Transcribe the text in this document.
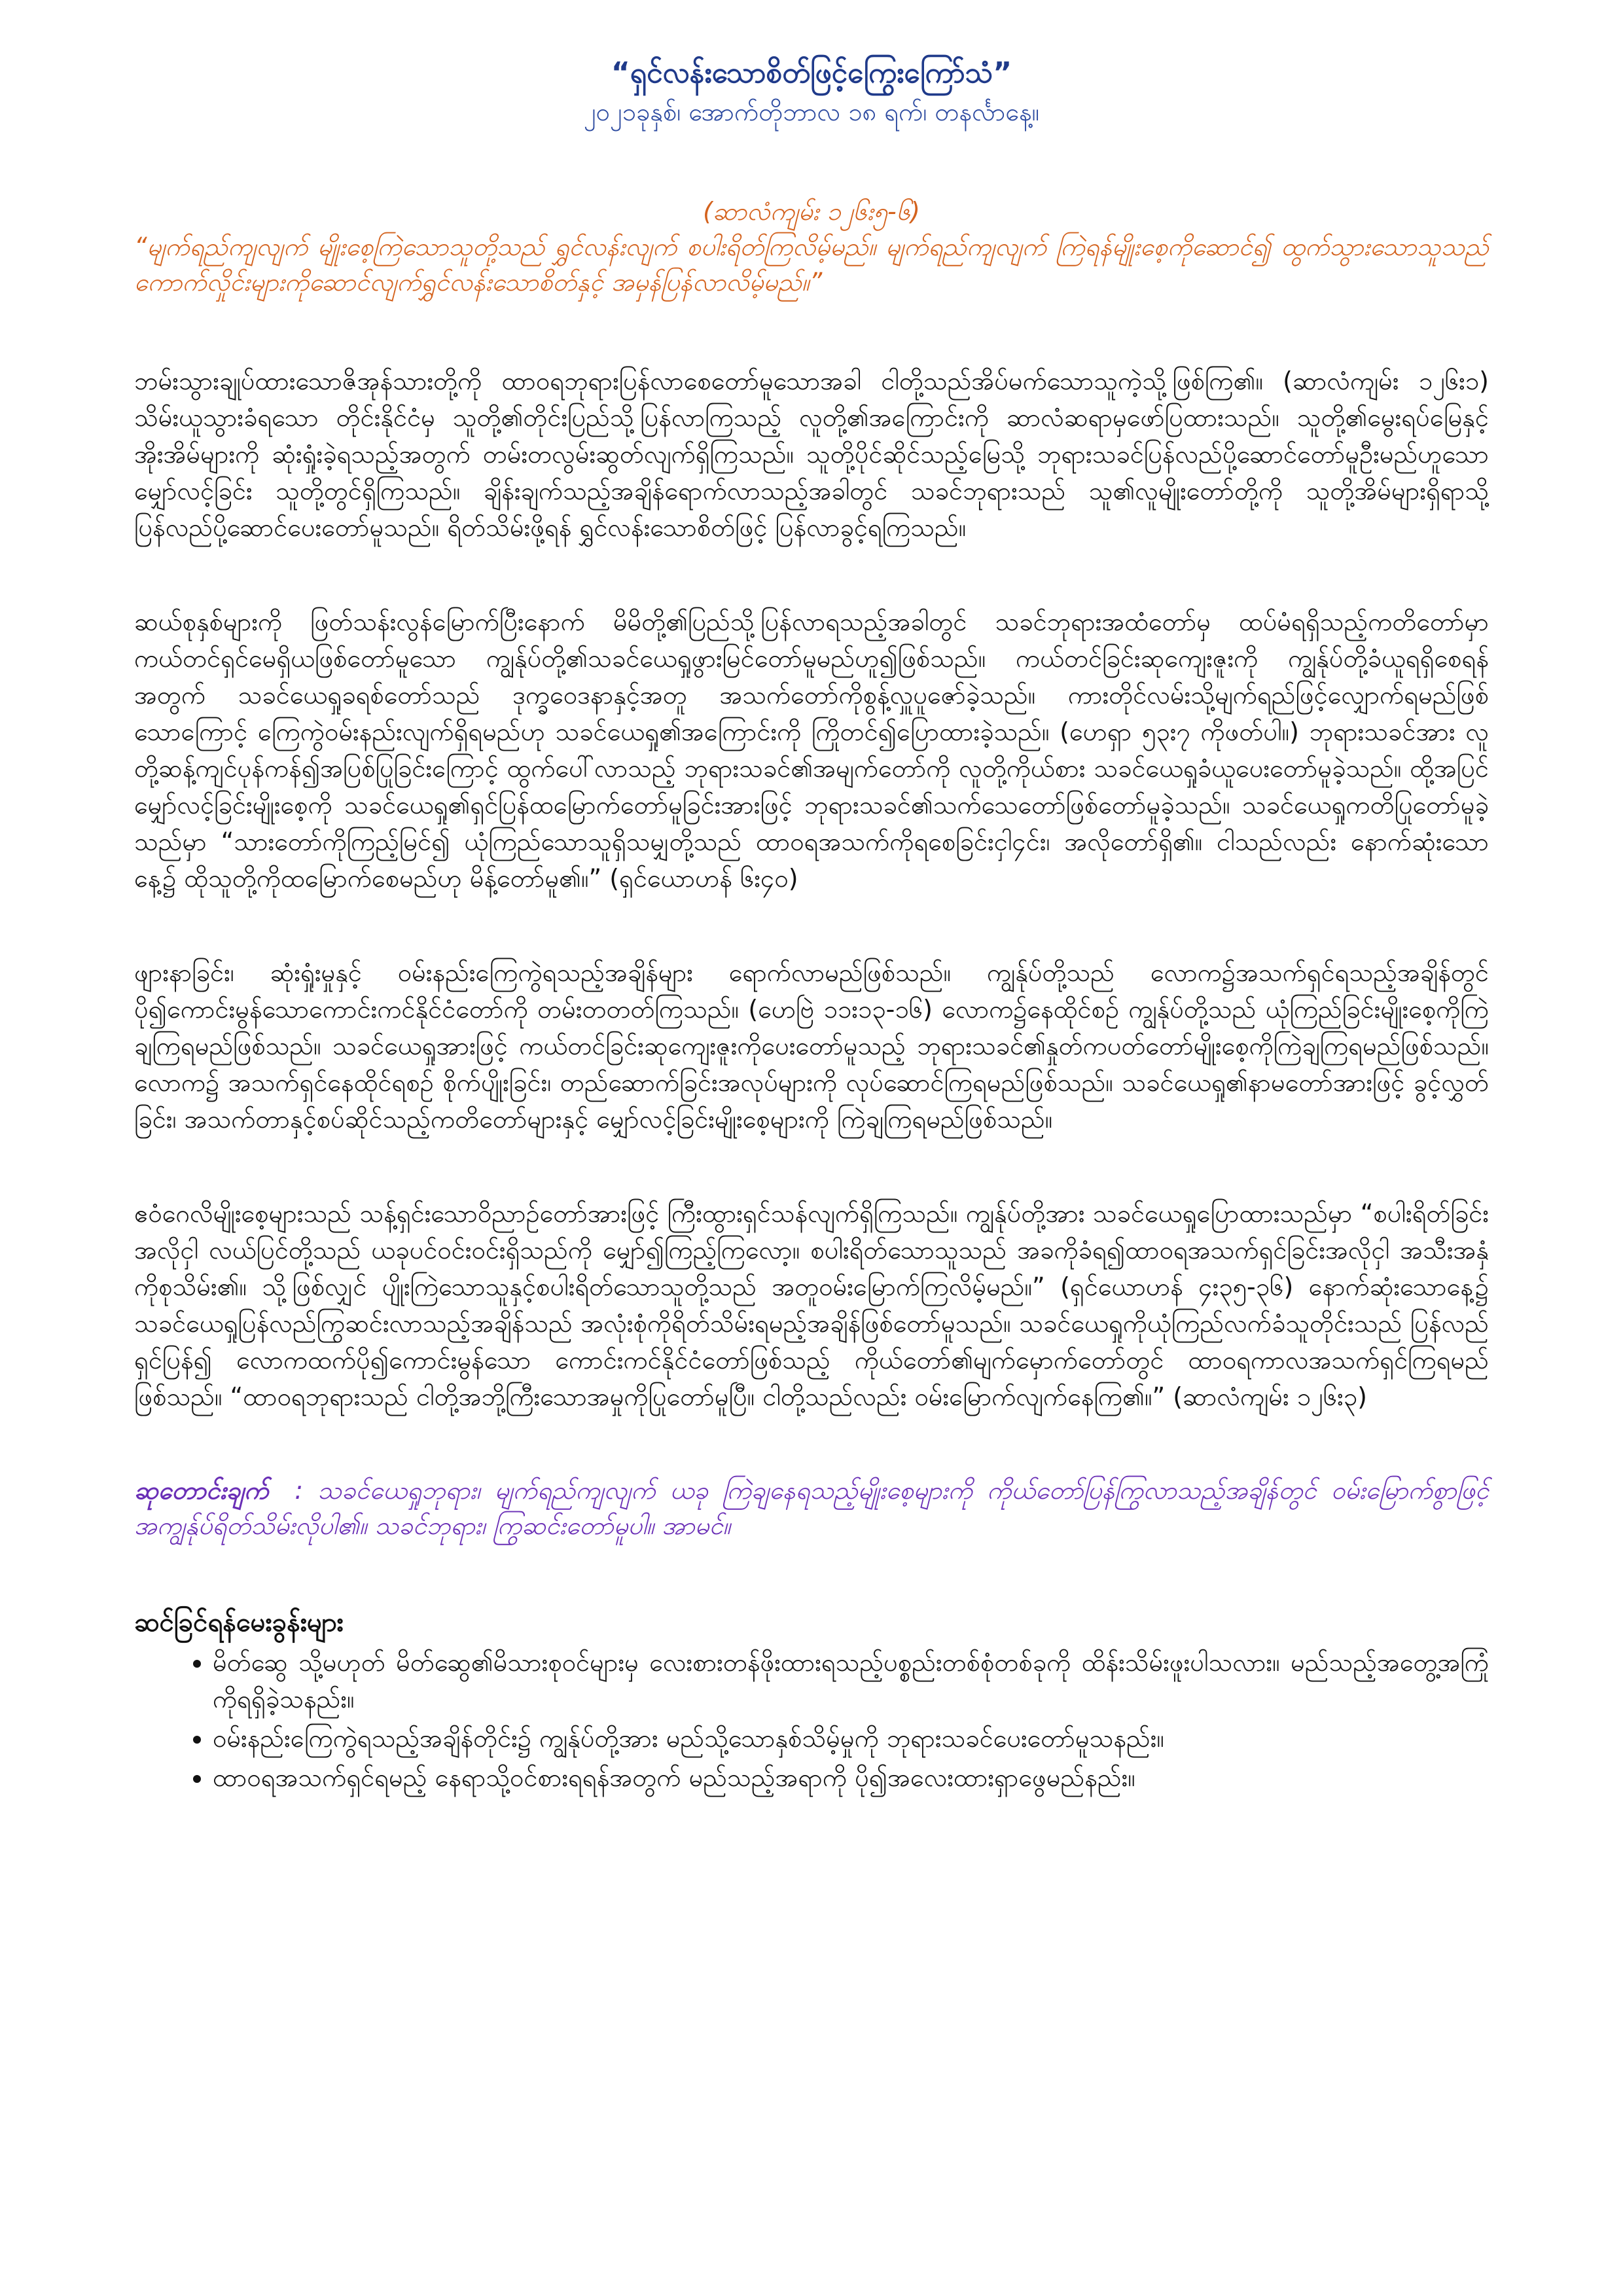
“ရှင်လန်းသောစိတ်ဖြင့်ကြွေးကြော်သံ”

၂၀၂၁ခုနှစ်၊ အောက်တိုဘာလ ၁၈ ရက်၊ တနင်္လာနေ့။

(ဆာလံကျမ်း ၁၂၆း၅-၆)

“မျက်ရည်ကျလျက် မျိုးစေ့ကြဲသောသူတို့သည် ရွှင်လန်းလျက် စပါးရိတ်ကြလိမ့်မည်။ မျက်ရည်ကျလျက် ကြဲရန်မျိုးစေ့ကိုဆောင်၍ ထွက်သွားသောသူသည် ကောက်လှိုင်းများကိုဆောင်လျက်ရွှင်လန်းသောစိတ်နှင့် အမှန်ပြန်လာလိမ့်မည်။”

ဘမ်းသွားချုပ်ထားသောဇိအုန်သားတို့ကို ထာဝရဘုရားပြန်လာစေတော်မူသောအခါ ငါတို့သည်အိပ်မက်သောသူကဲ့သို့ဖြစ်ကြ၏။ (ဆာလံကျမ်း ၁၂၆း၁) သိမ်းယူသွားခံရသော တိုင်းနိုင်ငံမှ သူတို့၏တိုင်းပြည်သို့ပြန်လာကြသည့် လူတို့၏အကြောင်းကို ဆာလံဆရာမှဖော်ပြထားသည်။ သူတို့၏မွေးရပ်မြေနှင့်အိုးအိမ်များကို ဆုံးရှုံးခဲ့ရသည့်အတွက် တမ်းတလွမ်းဆွတ်လျက်ရှိကြသည်။ သူတို့ပိုင်ဆိုင်သည့်မြေသို့ ဘုရားသခင်ပြန်လည်ပို့ဆောင်တော်မူဦးမည်ဟူသော မျှော်လင့်ခြင်း သူတို့တွင်ရှိကြသည်။ ချိန်းချက်သည့်အချိန်ရောက်လာသည့်အခါတွင် သခင်ဘုရားသည် သူ၏လူမျိုးတော်တို့ကို သူတို့အိမ်များရှိရာသို့ပြန်လည်ပို့ဆောင်ပေးတော်မူသည်။ ရိတ်သိမ်းဖို့ရန် ရွှင်လန်းသောစိတ်ဖြင့် ပြန်လာခွင့်ရကြသည်။

ဆယ်စုနှစ်များကို ဖြတ်သန်းလွန်မြောက်ပြီးနောက် မိမိတို့၏ပြည်သို့ပြန်လာရသည့်အခါတွင် သခင်ဘုရားအထံတော်မှ ထပ်မံရရှိသည့်ကတိတော်မှာ ကယ်တင်ရှင်မေရှိယဖြစ်တော်မူသော ကျွန်ုပ်တို့၏သခင်ယေရှုဖွားမြင်တော်မူမည်ဟူ၍ဖြစ်သည်။ ကယ်တင်ခြင်းဆုကျေးဇူးကို ကျွန်ုပ်တို့ခံယူရရှိစေရန်အတွက် သခင်ယေရှုခရစ်တော်သည် ဒုက္ခဝေဒနာနှင့်အတူ အသက်တော်ကိုစွန့်လှူပူဇော်ခဲ့သည်။ ကားတိုင်လမ်းသို့မျက်ရည်ဖြင့်လျှောက်ရမည်ဖြစ်သောကြောင့် ကြေကွဲဝမ်းနည်းလျက်ရှိရမည်ဟု သခင်ယေရှု၏အကြောင်းကို ကြိုတင်၍ပြောထားခဲ့သည်။ (ဟေရှာ ၅၃း၇ ကိုဖတ်ပါ။) ဘုရားသခင်အား လူတို့ဆန့်ကျင်ပုန်ကန်၍အပြစ်ပြုခြင်းကြောင့် ထွက်ပေါ်လာသည့် ဘုရားသခင်၏အမျက်တော်ကို လူတို့ကိုယ်စား သခင်ယေရှုခံယူပေးတော်မူခဲ့သည်။ ထို့အပြင် မျှော်လင့်ခြင်းမျိုးစေ့ကို သခင်ယေရှု၏ရှင်ပြန်ထမြောက်တော်မူခြင်းအားဖြင့် ဘုရားသခင်၏သက်သေတော်ဖြစ်တော်မူခဲ့သည်။ သခင်ယေရှုကတိပြုတော်မူခဲ့သည်မှာ “သားတော်ကိုကြည့်မြင်၍ ယုံကြည်သောသူရှိသမျှတို့သည် ထာဝရအသက်ကိုရစေခြင်းငှါ၄င်း၊ အလိုတော်ရှိ၏။ ငါသည်လည်း နောက်ဆုံးသောနေ့၌ ထိုသူတို့ကိုထမြောက်စေမည်ဟု မိန့်တော်မူ၏။” (ရှင်ယောဟန် ၆း၄၀)

ဖျားနာခြင်း၊ ဆုံးရှုံးမှုနှင့် ဝမ်းနည်းကြေကွဲရသည့်အချိန်များ ရောက်လာမည်ဖြစ်သည်။ ကျွန်ုပ်တို့သည် လောက၌အသက်ရှင်ရသည့်အချိန်တွင် ပို၍ကောင်းမွန်သောကောင်းကင်နိုင်ငံတော်ကို တမ်းတတတ်ကြသည်။ (ဟေဗြဲ ၁၁း၁၃-၁၆) လောက၌နေထိုင်စဉ် ကျွန်ုပ်တို့သည် ယုံကြည်ခြင်းမျိုးစေ့ကိုကြဲချကြရမည်ဖြစ်သည်။ သခင်ယေရှုအားဖြင့် ကယ်တင်ခြင်းဆုကျေးဇူးကိုပေးတော်မူသည့် ဘုရားသခင်၏နှုတ်ကပတ်တော်မျိုးစေ့ကိုကြဲချကြရမည်ဖြစ်သည်။ လောက၌ အသက်ရှင်နေထိုင်ရစဉ် စိုက်ပျိုးခြင်း၊ တည်ဆောက်ခြင်းအလုပ်များကို လုပ်ဆောင်ကြရမည်ဖြစ်သည်။ သခင်ယေရှု၏နာမတော်အားဖြင့် ခွင့်လွှတ်ခြင်း၊ အသက်တာနှင့်စပ်ဆိုင်သည့်ကတိတော်များနှင့် မျှော်လင့်ခြင်းမျိုးစေ့များကို ကြဲချကြရမည်ဖြစ်သည်။

ဧဝံဂေလိမျိုးစေ့များသည် သန့်ရှင်းသောဝိညာဉ်တော်အားဖြင့် ကြီးထွားရှင်သန်လျက်ရှိကြသည်။ ကျွန်ုပ်တို့အား သခင်ယေရှုပြောထားသည်မှာ “စပါးရိတ်ခြင်းအလိုငှါ လယ်ပြင်တို့သည် ယခုပင်ဝင်းဝင်းရှိသည်ကို မျှော်၍ကြည့်ကြလော့။ စပါးရိတ်သောသူသည် အခကိုခံရ၍ထာဝရအသက်ရှင်ခြင်းအလိုငှါ အသီးအနှံကိုစုသိမ်း၏။ သို့ဖြစ်လျှင် ပျိုးကြဲသောသူနှင့်စပါးရိတ်သောသူတို့သည် အတူဝမ်းမြောက်ကြလိမ့်မည်။” (ရှင်ယောဟန် ၄း၃၅-၃၆) နောက်ဆုံးသောနေ့၌ သခင်ယေရှုပြန်လည်ကြွဆင်းလာသည့်အချိန်သည် အလုံးစုံကိုရိတ်သိမ်းရမည့်အချိန်ဖြစ်တော်မူသည်။ သခင်ယေရှုကိုယုံကြည်လက်ခံသူတိုင်းသည် ပြန်လည်ရှင်ပြန်၍ လောကထက်ပို၍ကောင်းမွန်သော ကောင်းကင်နိုင်ငံတော်ဖြစ်သည့် ကိုယ်တော်၏မျက်မှောက်တော်တွင် ထာဝရကာလအသက်ရှင်ကြရမည်ဖြစ်သည်။ “ထာဝရဘုရားသည် ငါတို့အဘို့ကြီးသောအမှုကိုပြုတော်မူပြီ။ ငါတို့သည်လည်း ဝမ်းမြောက်လျက်နေကြ၏။” (ဆာလံကျမ်း ၁၂၆း၃)

ဆုတောင်းချက် : သခင်ယေရှုဘုရား၊ မျက်ရည်ကျလျက် ယခု ကြဲချနေရသည့်မျိုးစေ့များကို ကိုယ်တော်ပြန်ကြွလာသည့်အချိန်တွင် ဝမ်းမြောက်စွာဖြင့် အကျွန်ုပ်ရိတ်သိမ်းလိုပါ၏။ သခင်ဘုရား၊ ကြွဆင်းတော်မူပါ။ အာမင်။

ဆင်ခြင်ရန်မေးခွန်းများ

• မိတ်ဆွေ သို့မဟုတ် မိတ်ဆွေ၏မိသားစုဝင်များမှ လေးစားတန်ဖိုးထားရသည့်ပစ္စည်းတစ်စုံတစ်ခုကို ထိန်းသိမ်းဖူးပါသလား။ မည်သည့်အတွေ့အကြုံကိုရရှိခဲ့သနည်း။
• ဝမ်းနည်းကြေကွဲရသည့်အချိန်တိုင်း၌ ကျွန်ုပ်တို့အား မည်သို့သောနှစ်သိမ့်မှုကို ဘုရားသခင်ပေးတော်မူသနည်း။
• ထာဝရအသက်ရှင်ရမည့် နေရာသို့ဝင်စားရရန်အတွက် မည်သည့်အရာကို ပို၍အလေးထားရှာဖွေမည်နည်း။
